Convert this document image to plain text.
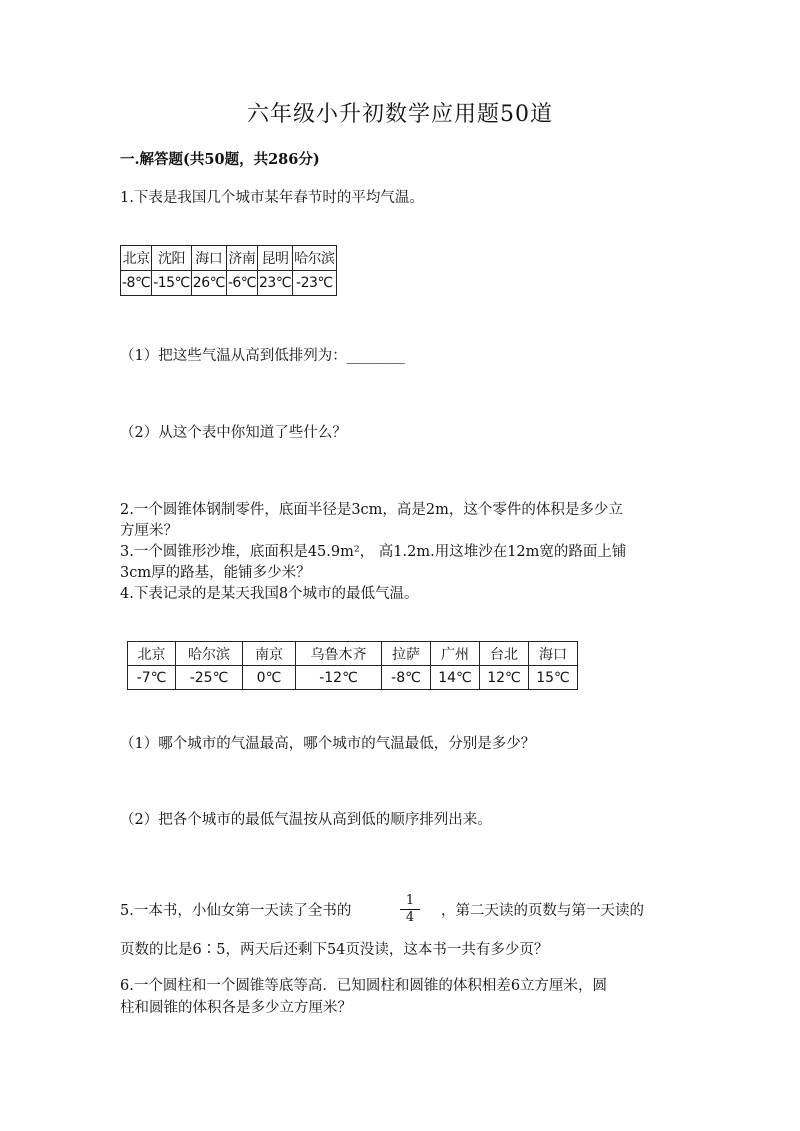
六年级小升初数学应用题50道
一.解答题(共50题，共286分)
1.下表是我国几个城市某年春节时的平均气温。
北京	沈阳	海口	济南	昆明	哈尔滨
-8℃	-15℃	26℃	-6℃	23℃	-23℃
（1）把这些气温从高到低排列为：________
（2）从这个表中你知道了些什么？
2.一个圆锥体钢制零件，底面半径是3cm，高是2m，这个零件的体积是多少立
方厘米？
3.一个圆锥形沙堆，底面积是45.9m²， 高1.2m.用这堆沙在12m宽的路面上铺
3cm厚的路基，能铺多少米？
4.下表记录的是某天我国8个城市的最低气温。
北京	哈尔滨	南京	乌鲁木齐	拉萨	广州	台北	海口
-7℃	-25℃	0℃	-12℃	-8℃	14℃	12℃	15℃
（1）哪个城市的气温最高，哪个城市的气温最低，分别是多少？
（2）把各个城市的最低气温按从高到低的顺序排列出来。
5.一本书，小仙女第一天读了全书的	$\frac{1}{4}$ ，第二天读的页数与第一天读的
页数的比是6∶5，两天后还剩下54页没读，这本书一共有多少页？
6.一个圆柱和一个圆锥等底等高．已知圆柱和圆锥的体积相差6立方厘米，圆
柱和圆锥的体积各是多少立方厘米？
